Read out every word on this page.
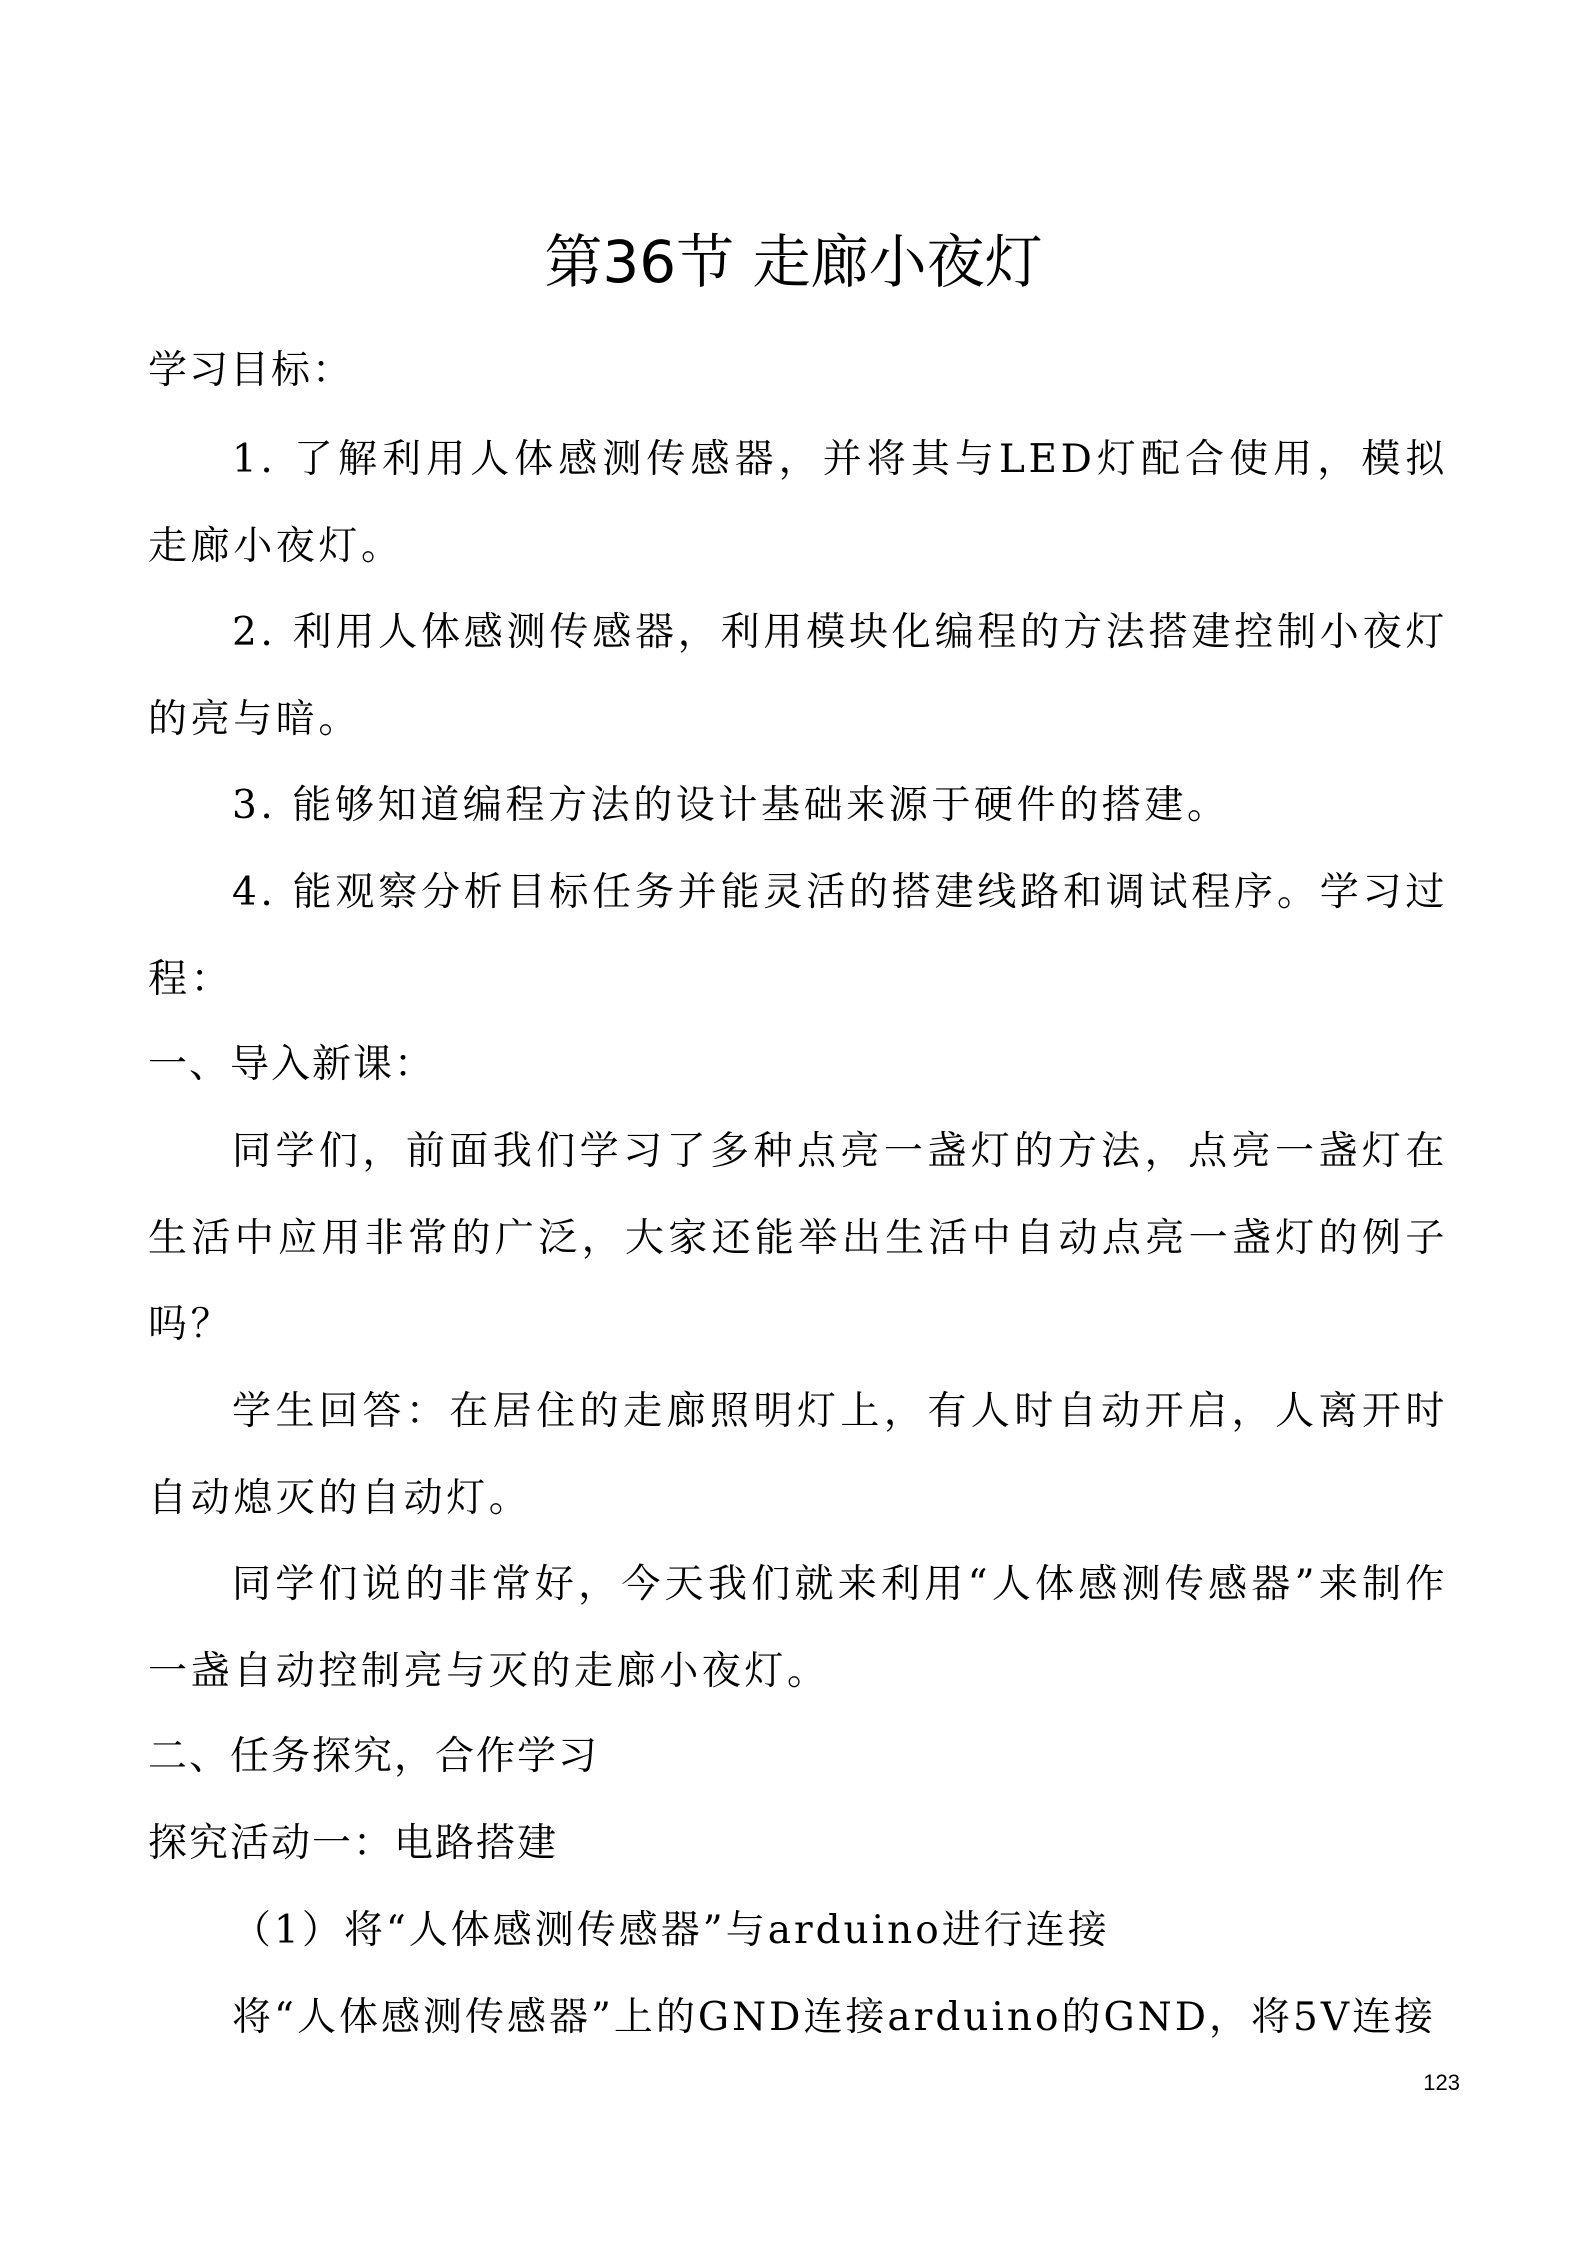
第36节 走廊小夜灯

学习目标：

1. 了解利用人体感测传感器，并将其与LED灯配合使用，模拟走廊小夜灯。

2. 利用人体感测传感器，利用模块化编程的方法搭建控制小夜灯的亮与暗。

3. 能够知道编程方法的设计基础来源于硬件的搭建。

4. 能观察分析目标任务并能灵活的搭建线路和调试程序。学习过程：

一、导入新课：

同学们，前面我们学习了多种点亮一盏灯的方法，点亮一盏灯在生活中应用非常的广泛，大家还能举出生活中自动点亮一盏灯的例子吗？

学生回答：在居住的走廊照明灯上，有人时自动开启，人离开时自动熄灭的自动灯。

同学们说的非常好，今天我们就来利用“人体感测传感器”来制作一盏自动控制亮与灭的走廊小夜灯。

二、任务探究，合作学习

探究活动一：电路搭建

（1）将“人体感测传感器”与arduino进行连接

将“人体感测传感器”上的GND连接arduino的GND，将5V连接

123
